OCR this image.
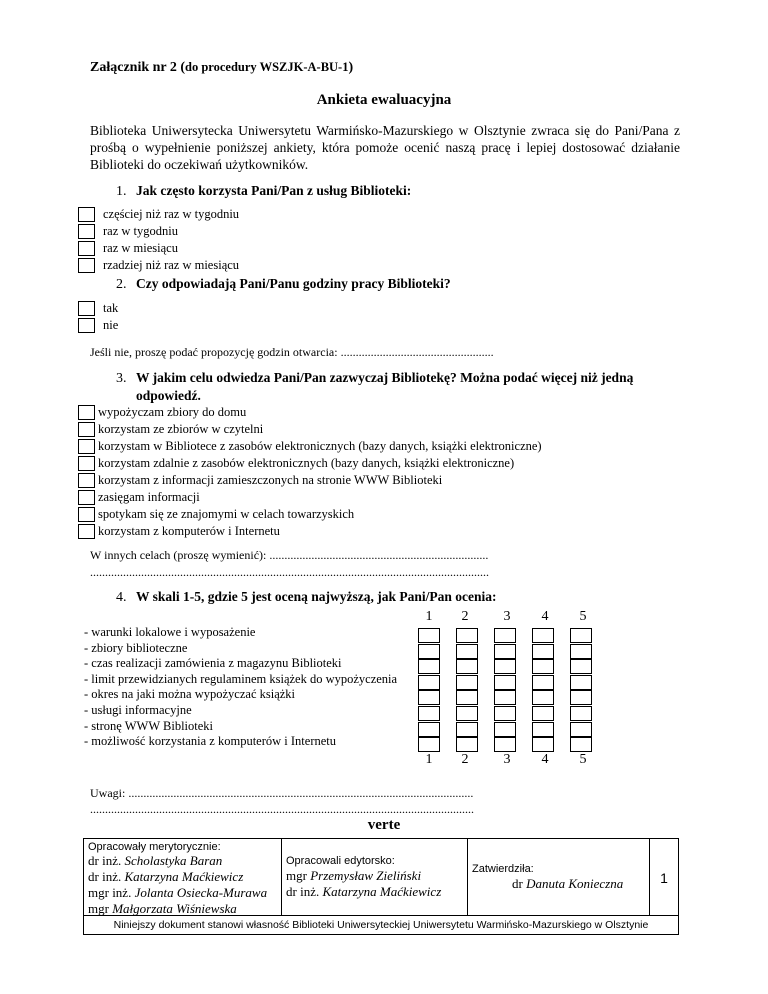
Załącznik nr 2 (do procedury WSZJK-A-BU-1)
Ankieta ewaluacyjna
Biblioteka Uniwersytecka Uniwersytetu Warmińsko-Mazurskiego w Olsztynie zwraca się do Pani/Pana z prośbą o wypełnienie poniższej ankiety, która pomoże ocenić naszą pracę i lepiej dostosować działanie Biblioteki do oczekiwań użytkowników.
1. Jak często korzysta Pani/Pan z usług Biblioteki:
częściej niż raz w tygodniu
raz w tygodniu
raz w miesiącu
rzadziej niż raz w miesiącu
2. Czy odpowiadają Pani/Panu godziny pracy Biblioteki?
tak
nie
Jeśli nie, proszę podać propozycję godzin otwarcia: ...................................................
3. W jakim celu odwiedza Pani/Pan zazwyczaj Bibliotekę? Można podać więcej niż jedną
odpowiedź.
wypożyczam zbiory do domu
korzystam ze zbiorów w czytelni
korzystam w Bibliotece z zasobów elektronicznych (bazy danych, książki elektroniczne)
korzystam zdalnie z zasobów elektronicznych (bazy danych, książki elektroniczne)
korzystam z informacji zamieszczonych na stronie WWW Biblioteki
zasięgam informacji
spotykam się ze znajomymi w celach towarzyskich
korzystam z komputerów i Internetu
W innych celach (proszę wymienić): .........................................................................
.....................................................................................................................................
4. W skali 1-5, gdzie 5 jest oceną najwyższą, jak Pani/Pan ocenia:
1	2	3	4	5
- warunki lokalowe i wyposażenie
- zbiory biblioteczne
- czas realizacji zamówienia z magazynu Biblioteki
- limit przewidzianych regulaminem książek do wypożyczenia
- okres na jaki można wypożyczać książki
- usługi informacyjne
- stronę WWW Biblioteki
- możliwość korzystania z komputerów i Internetu
1	2	3	4	5
Uwagi: ...................................................................................................................
................................................................................................................................
verte
Opracowały merytorycznie:
dr inż. Scholastyka Baran
dr inż. Katarzyna Maćkiewicz
mgr inż. Jolanta Osiecka-Murawa
mgr Małgorzata Wiśniewska
Opracowali edytorsko:
mgr Przemysław Zieliński
dr inż. Katarzyna Maćkiewicz
Zatwierdziła:
dr Danuta Konieczna	1
Niniejszy dokument stanowi własność Biblioteki Uniwersyteckiej Uniwersytetu Warmińsko-Mazurskiego w Olsztynie
